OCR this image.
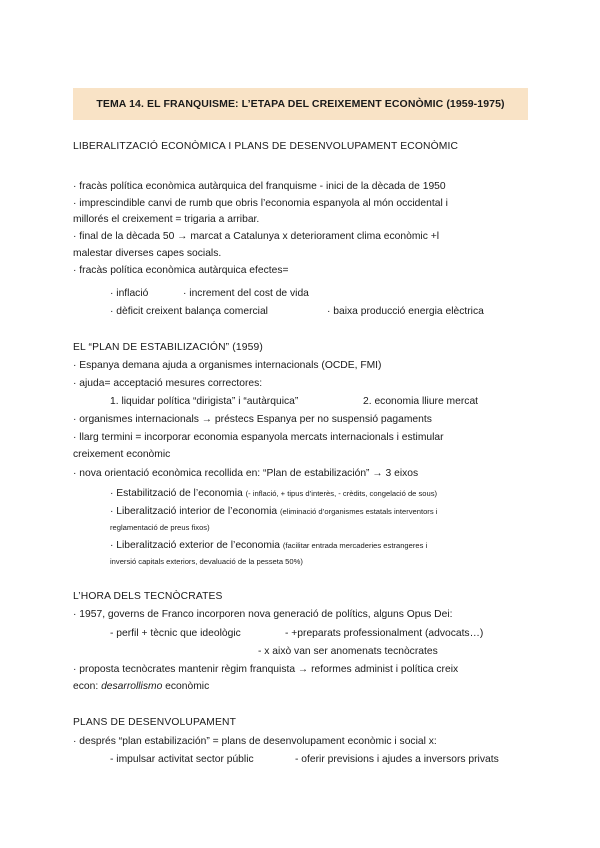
TEMA 14. EL FRANQUISME: L’ETAPA DEL CREIXEMENT ECONÒMIC (1959-1975)
LIBERALITZACIÓ ECONÒMICA I PLANS DE DESENVOLUPAMENT ECONÒMIC
· fracàs política econòmica autàrquica del franquisme - inici de la dècada de 1950
· imprescindible canvi de rumb que obris l’economia espanyola al món occidental i
millorés el creixement = trigaria a arribar.
· final de la dècada 50 → marcat a Catalunya x deteriorament clima econòmic +l
malestar diverses capes socials.
· fracàs política econòmica autàrquica efectes=
· inflació	· increment del cost de vida
· dèficit creixent balança comercial	· baixa producció energia elèctrica
EL “PLAN DE ESTABILIZACIÓN” (1959)
· Espanya demana ajuda a organismes internacionals (OCDE, FMI)
· ajuda= acceptació mesures correctores:
1. liquidar política “dirigista” i “autàrquica”	2. economia lliure mercat
· organismes internacionals → préstecs Espanya per no suspensió pagaments
· llarg termini = incorporar economia espanyola mercats internacionals i estimular
creixement econòmic
· nova orientació econòmica recollida en: “Plan de estabilización” → 3 eixos
· Estabilització de l’economia (- inflació, + tipus d’interès, - crèdits, congelació de sous)
· Liberalització interior de l’economia (eliminació d’organismes estatals interventors i
reglamentació de preus fixos)
· Liberalització exterior de l’economia (facilitar entrada mercaderies estrangeres i
inversió capitals exteriors, devaluació de la pesseta 50%)
L’HORA DELS TECNÒCRATES
· 1957, governs de Franco incorporen nova generació de polítics, alguns Opus Dei:
- perfil + tècnic que ideològic	- +preparats professionalment (advocats…)
- x això van ser anomenats tecnòcrates
· proposta tecnòcrates mantenir règim franquista → reformes administ i política creix
econ: desarrollismo econòmic
PLANS DE DESENVOLUPAMENT
· després “plan estabilización” = plans de desenvolupament econòmic i social x:
- impulsar activitat sector públic	- oferir previsions i ajudes a inversors privats
